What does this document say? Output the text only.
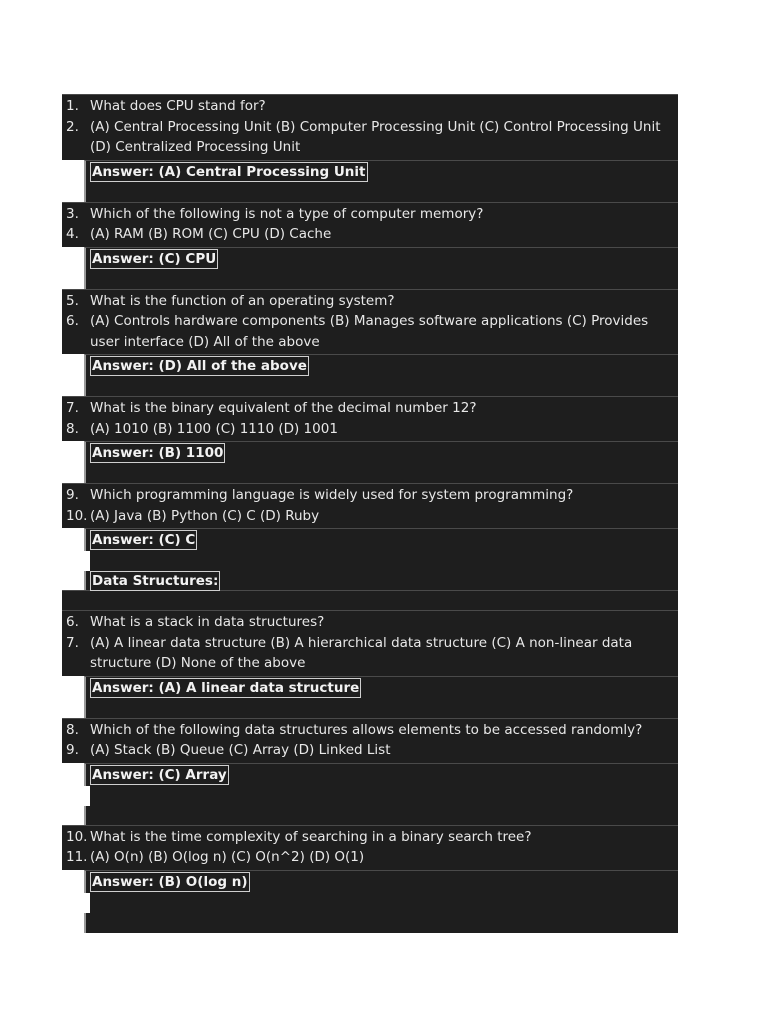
1. What does CPU stand for?
2. (A) Central Processing Unit (B) Computer Processing Unit (C) Control Processing Unit (D) Centralized Processing Unit
Answer: (A) Central Processing Unit
3. Which of the following is not a type of computer memory?
4. (A) RAM (B) ROM (C) CPU (D) Cache
Answer: (C) CPU
5. What is the function of an operating system?
6. (A) Controls hardware components (B) Manages software applications (C) Provides user interface (D) All of the above
Answer: (D) All of the above
7. What is the binary equivalent of the decimal number 12?
8. (A) 1010 (B) 1100 (C) 1110 (D) 1001
Answer: (B) 1100
9. Which programming language is widely used for system programming?
10. (A) Java (B) Python (C) C (D) Ruby
Answer: (C) C
Data Structures:
6. What is a stack in data structures?
7. (A) A linear data structure (B) A hierarchical data structure (C) A non-linear data structure (D) None of the above
Answer: (A) A linear data structure
8. Which of the following data structures allows elements to be accessed randomly?
9. (A) Stack (B) Queue (C) Array (D) Linked List
Answer: (C) Array
10. What is the time complexity of searching in a binary search tree?
11. (A) O(n) (B) O(log n) (C) O(n^2) (D) O(1)
Answer: (B) O(log n)
